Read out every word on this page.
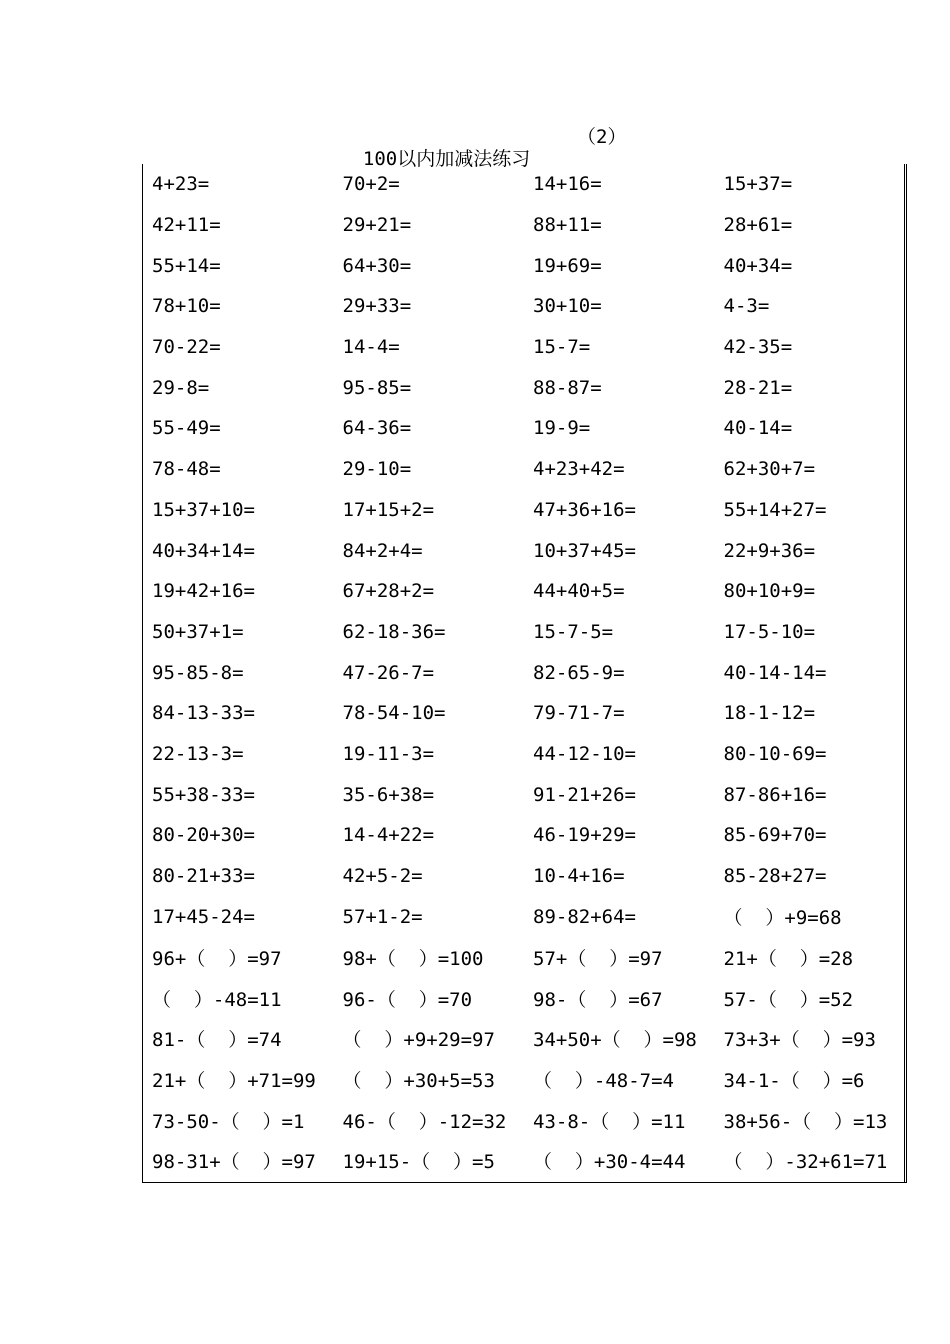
100以内加减法练习

（2）

4+23=	70+2=	14+16=	15+37=
42+11=	29+21=	88+11=	28+61=
55+14=	64+30=	19+69=	40+34=
78+10=	29+33=	30+10=	4-3=
70-22=	14-4=	15-7=	42-35=
29-8=	95-85=	88-87=	28-21=
55-49=	64-36=	19-9=	40-14=
78-48=	29-10=	4+23+42=	62+30+7=
15+37+10=	17+15+2=	47+36+16=	55+14+27=
40+34+14=	84+2+4=	10+37+45=	22+9+36=
19+42+16=	67+28+2=	44+40+5=	80+10+9=
50+37+1=	62-18-36=	15-7-5=	17-5-10=
95-85-8=	47-26-7=	82-65-9=	40-14-14=
84-13-33=	78-54-10=	79-71-7=	18-1-12=
22-13-3=	19-11-3=	44-12-10=	80-10-69=
55+38-33=	35-6+38=	91-21+26=	87-86+16=
80-20+30=	14-4+22=	46-19+29=	85-69+70=
80-21+33=	42+5-2=	10-4+16=	85-28+27=
17+45-24=	57+1-2=	89-82+64=	（  ）+9=68
96+（  ）=97	98+（  ）=100	57+（  ）=97	21+（  ）=28
（  ）-48=11	96-（  ）=70	98-（  ）=67	57-（  ）=52
81-（  ）=74	（  ）+9+29=97	34+50+（  ）=98	73+3+（  ）=93
21+（  ）+71=99	（  ）+30+5=53	（  ）-48-7=4	34-1-（  ）=6
73-50-（  ）=1	46-（  ）-12=32	43-8-（  ）=11	38+56-（  ）=13
98-31+（  ）=97	19+15-（  ）=5	（  ）+30-4=44	（  ）-32+61=71
